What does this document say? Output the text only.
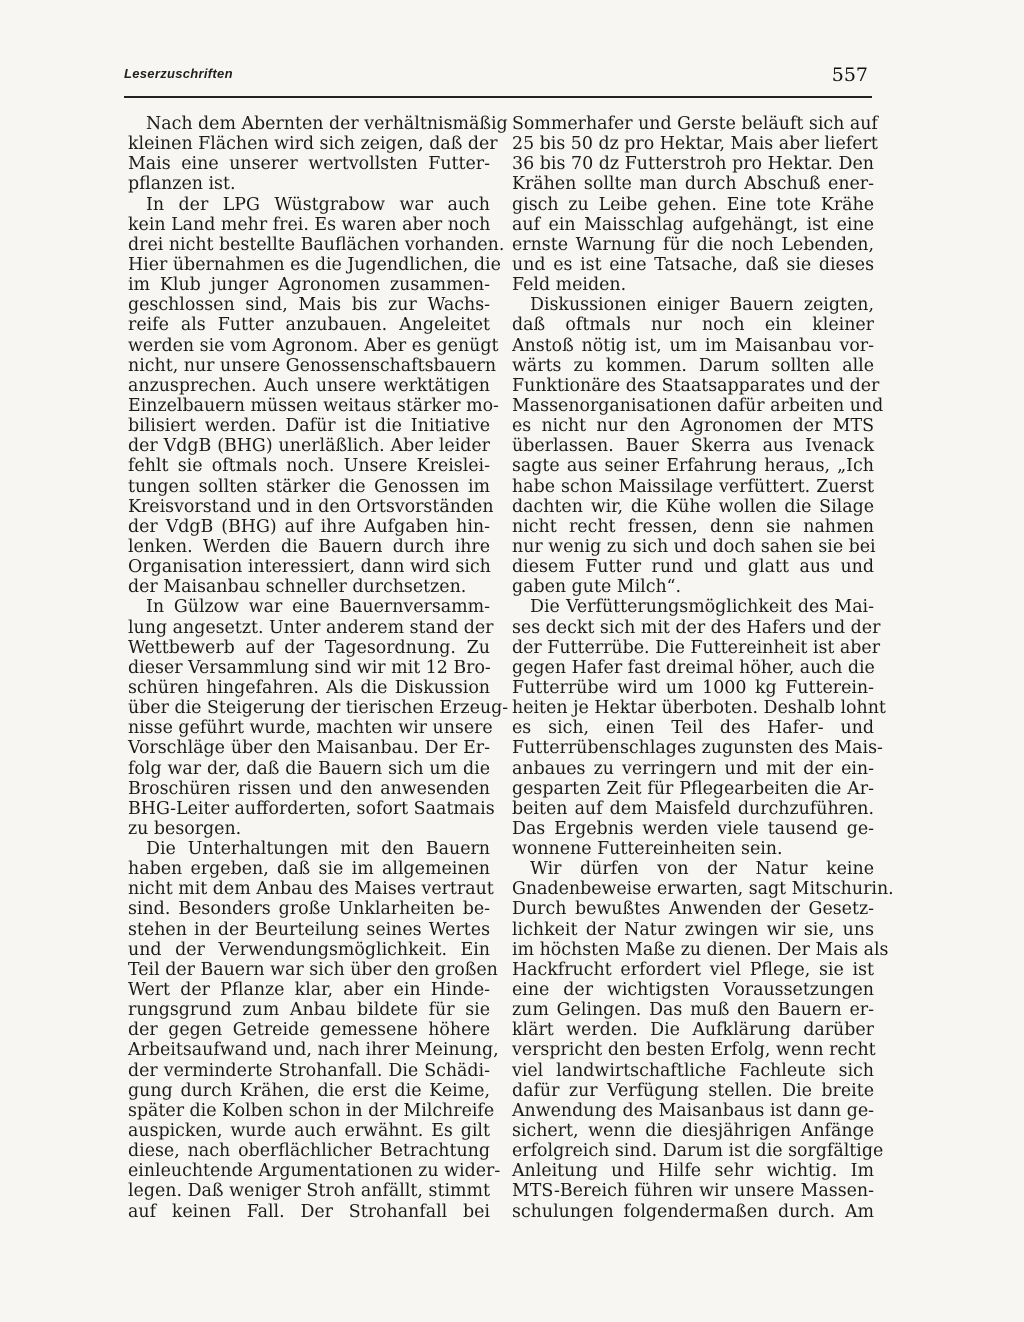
Leserzuschriften	557
Nach dem Abernten der verhältnismäßig
kleinen Flächen wird sich zeigen, daß der
Mais eine unserer wertvollsten Futter-
pflanzen ist.
In der LPG Wüstgrabow war auch
kein Land mehr frei. Es waren aber noch
drei nicht bestellte Bauflächen vorhanden.
Hier übernahmen es die Jugendlichen, die
im Klub junger Agronomen zusammen-
geschlossen sind, Mais bis zur Wachs-
reife als Futter anzubauen. Angeleitet
werden sie vom Agronom. Aber es genügt
nicht, nur unsere Genossenschaftsbauern
anzusprechen. Auch unsere werktätigen
Einzelbauern müssen weitaus stärker mo-
bilisiert werden. Dafür ist die Initiative
der VdgB (BHG) unerläßlich. Aber leider
fehlt sie oftmals noch. Unsere Kreislei-
tungen sollten stärker die Genossen im
Kreisvorstand und in den Ortsvorständen
der VdgB (BHG) auf ihre Aufgaben hin-
lenken. Werden die Bauern durch ihre
Organisation interessiert, dann wird sich
der Maisanbau schneller durchsetzen.
In Gülzow war eine Bauernversamm-
lung angesetzt. Unter anderem stand der
Wettbewerb auf der Tagesordnung. Zu
dieser Versammlung sind wir mit 12 Bro-
schüren hingefahren. Als die Diskussion
über die Steigerung der tierischen Erzeug-
nisse geführt wurde, machten wir unsere
Vorschläge über den Maisanbau. Der Er-
folg war der, daß die Bauern sich um die
Broschüren rissen und den anwesenden
BHG-Leiter aufforderten, sofort Saatmais
zu besorgen.
Die Unterhaltungen mit den Bauern
haben ergeben, daß sie im allgemeinen
nicht mit dem Anbau des Maises vertraut
sind. Besonders große Unklarheiten be-
stehen in der Beurteilung seines Wertes
und der Verwendungsmöglichkeit. Ein
Teil der Bauern war sich über den großen
Wert der Pflanze klar, aber ein Hinde-
rungsgrund zum Anbau bildete für sie
der gegen Getreide gemessene höhere
Arbeitsaufwand und, nach ihrer Meinung,
der verminderte Strohanfall. Die Schädi-
gung durch Krähen, die erst die Keime,
später die Kolben schon in der Milchreife
auspicken, wurde auch erwähnt. Es gilt
diese, nach oberflächlicher Betrachtung
einleuchtende Argumentationen zu wider-
legen. Daß weniger Stroh anfällt, stimmt
auf keinen Fall. Der Strohanfall bei
Sommerhafer und Gerste beläuft sich auf
25 bis 50 dz pro Hektar, Mais aber liefert
36 bis 70 dz Futterstroh pro Hektar. Den
Krähen sollte man durch Abschuß ener-
gisch zu Leibe gehen. Eine tote Krähe
auf ein Maisschlag aufgehängt, ist eine
ernste Warnung für die noch Lebenden,
und es ist eine Tatsache, daß sie dieses
Feld meiden.
Diskussionen einiger Bauern zeigten,
daß oftmals nur noch ein kleiner
Anstoß nötig ist, um im Maisanbau vor-
wärts zu kommen. Darum sollten alle
Funktionäre des Staatsapparates und der
Massenorganisationen dafür arbeiten und
es nicht nur den Agronomen der MTS
überlassen. Bauer Skerra aus Ivenack
sagte aus seiner Erfahrung heraus, „Ich
habe schon Maissilage verfüttert. Zuerst
dachten wir, die Kühe wollen die Silage
nicht recht fressen, denn sie nahmen
nur wenig zu sich und doch sahen sie bei
diesem Futter rund und glatt aus und
gaben gute Milch“.
Die Verfütterungsmöglichkeit des Mai-
ses deckt sich mit der des Hafers und der
der Futterrübe. Die Futtereinheit ist aber
gegen Hafer fast dreimal höher, auch die
Futterrübe wird um 1000 kg Futterein-
heiten je Hektar überboten. Deshalb lohnt
es sich, einen Teil des Hafer- und
Futterrübenschlages zugunsten des Mais-
anbaues zu verringern und mit der ein-
gesparten Zeit für Pflegearbeiten die Ar-
beiten auf dem Maisfeld durchzuführen.
Das Ergebnis werden viele tausend ge-
wonnene Futtereinheiten sein.
Wir dürfen von der Natur keine
Gnadenbeweise erwarten, sagt Mitschurin.
Durch bewußtes Anwenden der Gesetz-
lichkeit der Natur zwingen wir sie, uns
im höchsten Maße zu dienen. Der Mais als
Hackfrucht erfordert viel Pflege, sie ist
eine der wichtigsten Voraussetzungen
zum Gelingen. Das muß den Bauern er-
klärt werden. Die Aufklärung darüber
verspricht den besten Erfolg, wenn recht
viel landwirtschaftliche Fachleute sich
dafür zur Verfügung stellen. Die breite
Anwendung des Maisanbaus ist dann ge-
sichert, wenn die diesjährigen Anfänge
erfolgreich sind. Darum ist die sorgfältige
Anleitung und Hilfe sehr wichtig. Im
MTS-Bereich führen wir unsere Massen-
schulungen folgendermaßen durch. Am
